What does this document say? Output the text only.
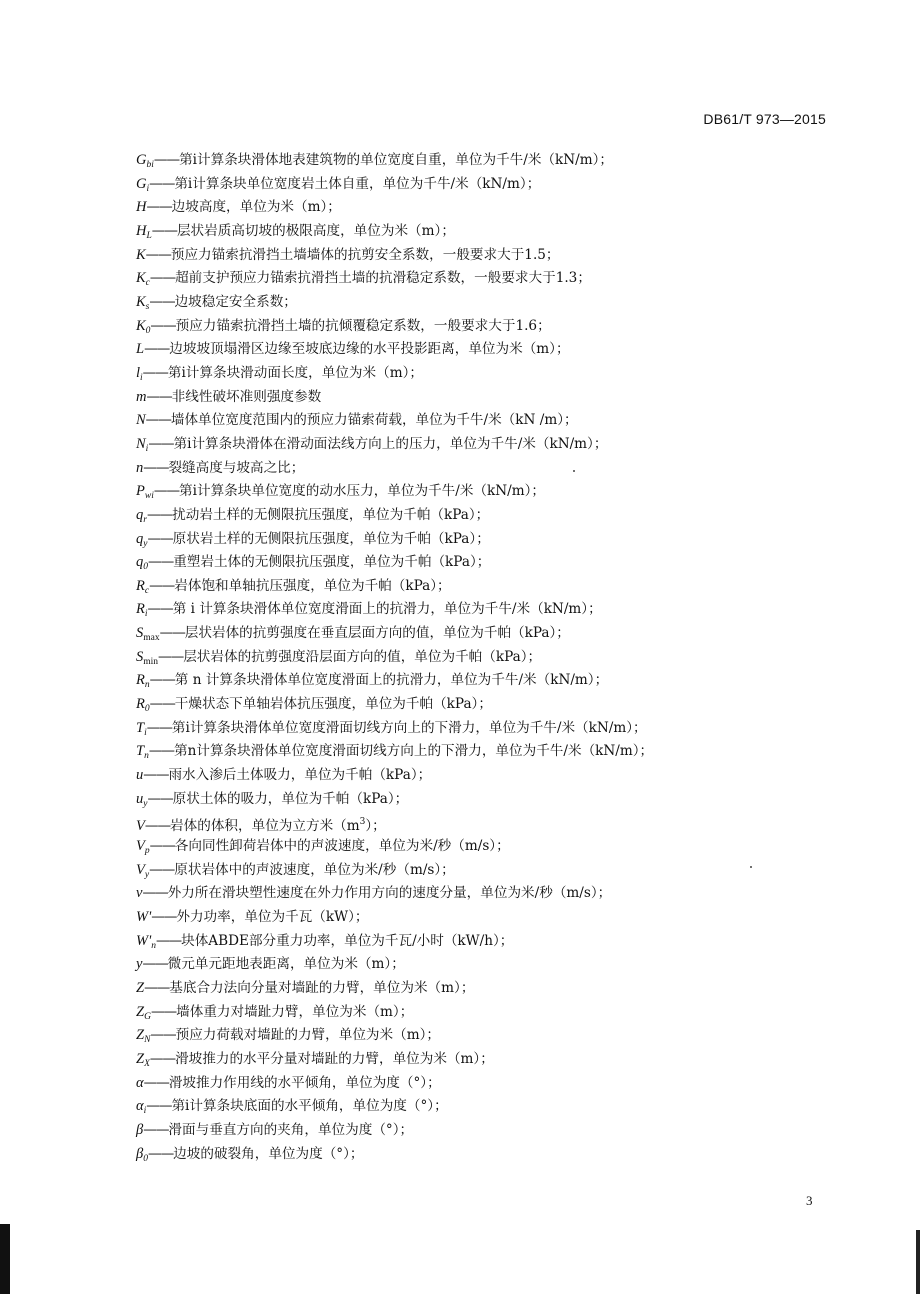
DB61/T 973—2015
$G_{bi}——$第i计算条块滑体地表建筑物的单位宽度自重，单位为千牛/米（kN/m）；
$G_i——$第i计算条块单位宽度岩土体自重，单位为千牛/米（kN/m）；
H——边坡高度，单位为米（m）；
$H_L——$层状岩质高切坡的极限高度，单位为米（m）；
K——预应力锚索抗滑挡土墙墙体的抗剪安全系数，一般要求大于1.5；
$K_c——$超前支护预应力锚索抗滑挡土墙的抗滑稳定系数，一般要求大于1.3；
$K_s——$边坡稳定安全系数；
$K_0——$预应力锚索抗滑挡土墙的抗倾覆稳定系数，一般要求大于1.6；
L——边坡坡顶塌滑区边缘至坡底边缘的水平投影距离，单位为米（m）；
$l_i——$第i计算条块滑动面长度，单位为米（m）；
m——非线性破坏准则强度参数
N——墙体单位宽度范围内的预应力锚索荷载，单位为千牛/米（kN /m）；
$N_i——$第i计算条块滑体在滑动面法线方向上的压力，单位为千牛/米（kN/m）；
n——裂缝高度与坡高之比；
$P_{wi}——$第i计算条块单位宽度的动水压力，单位为千牛/米（kN/m）；
$q_r——$扰动岩土样的无侧限抗压强度，单位为千帕（kPa）；
$q_y——$原状岩土样的无侧限抗压强度，单位为千帕（kPa）；
$q_0——$重塑岩土体的无侧限抗压强度，单位为千帕（kPa）；
$R_c——$岩体饱和单轴抗压强度，单位为千帕（kPa）；
$R_i——$第 i 计算条块滑体单位宽度滑面上的抗滑力，单位为千牛/米（kN/m）；
$S_{max}——$层状岩体的抗剪强度在垂直层面方向的值，单位为千帕（kPa）；
$S_{min}——$层状岩体的抗剪强度沿层面方向的值，单位为千帕（kPa）；
$R_n——$第 n 计算条块滑体单位宽度滑面上的抗滑力，单位为千牛/米（kN/m）；
$R_0——$干燥状态下单轴岩体抗压强度，单位为千帕（kPa）；
$T_i——$第i计算条块滑体单位宽度滑面切线方向上的下滑力，单位为千牛/米（kN/m）；
$T_n——$第n计算条块滑体单位宽度滑面切线方向上的下滑力，单位为千牛/米（kN/m）；
u——雨水入渗后土体吸力，单位为千帕（kPa）；
$u_y——$原状土体的吸力，单位为千帕（kPa）；
V——岩体的体积，单位为立方米$(m^3)$；
$V_p——$各向同性卸荷岩体中的声波速度，单位为米/秒（m/s）；
$V_y——$原状岩体中的声波速度，单位为米/秒（m/s）；
v——外力所在滑块塑性速度在外力作用方向的速度分量，单位为米/秒（m/s）；
W'——外力功率，单位为千瓦（kW）；
$W'_n——$块体ABDE部分重力功率，单位为千瓦/小时（kW/h）；
y——微元单元距地表距离，单位为米（m）；
Z——基底合力法向分量对墙趾的力臂，单位为米（m）；
$Z_G——$墙体重力对墙趾力臂，单位为米（m）；
$Z_N——$预应力荷载对墙趾的力臂，单位为米（m）；
$Z_X——$滑坡推力的水平分量对墙趾的力臂，单位为米（m）；
α——滑坡推力作用线的水平倾角，单位为度（°）；
$\alpha_i——$第i计算条块底面的水平倾角，单位为度（°）；
β——滑面与垂直方向的夹角，单位为度（°）；
$\beta_0——$边坡的破裂角，单位为度（°）；
3
